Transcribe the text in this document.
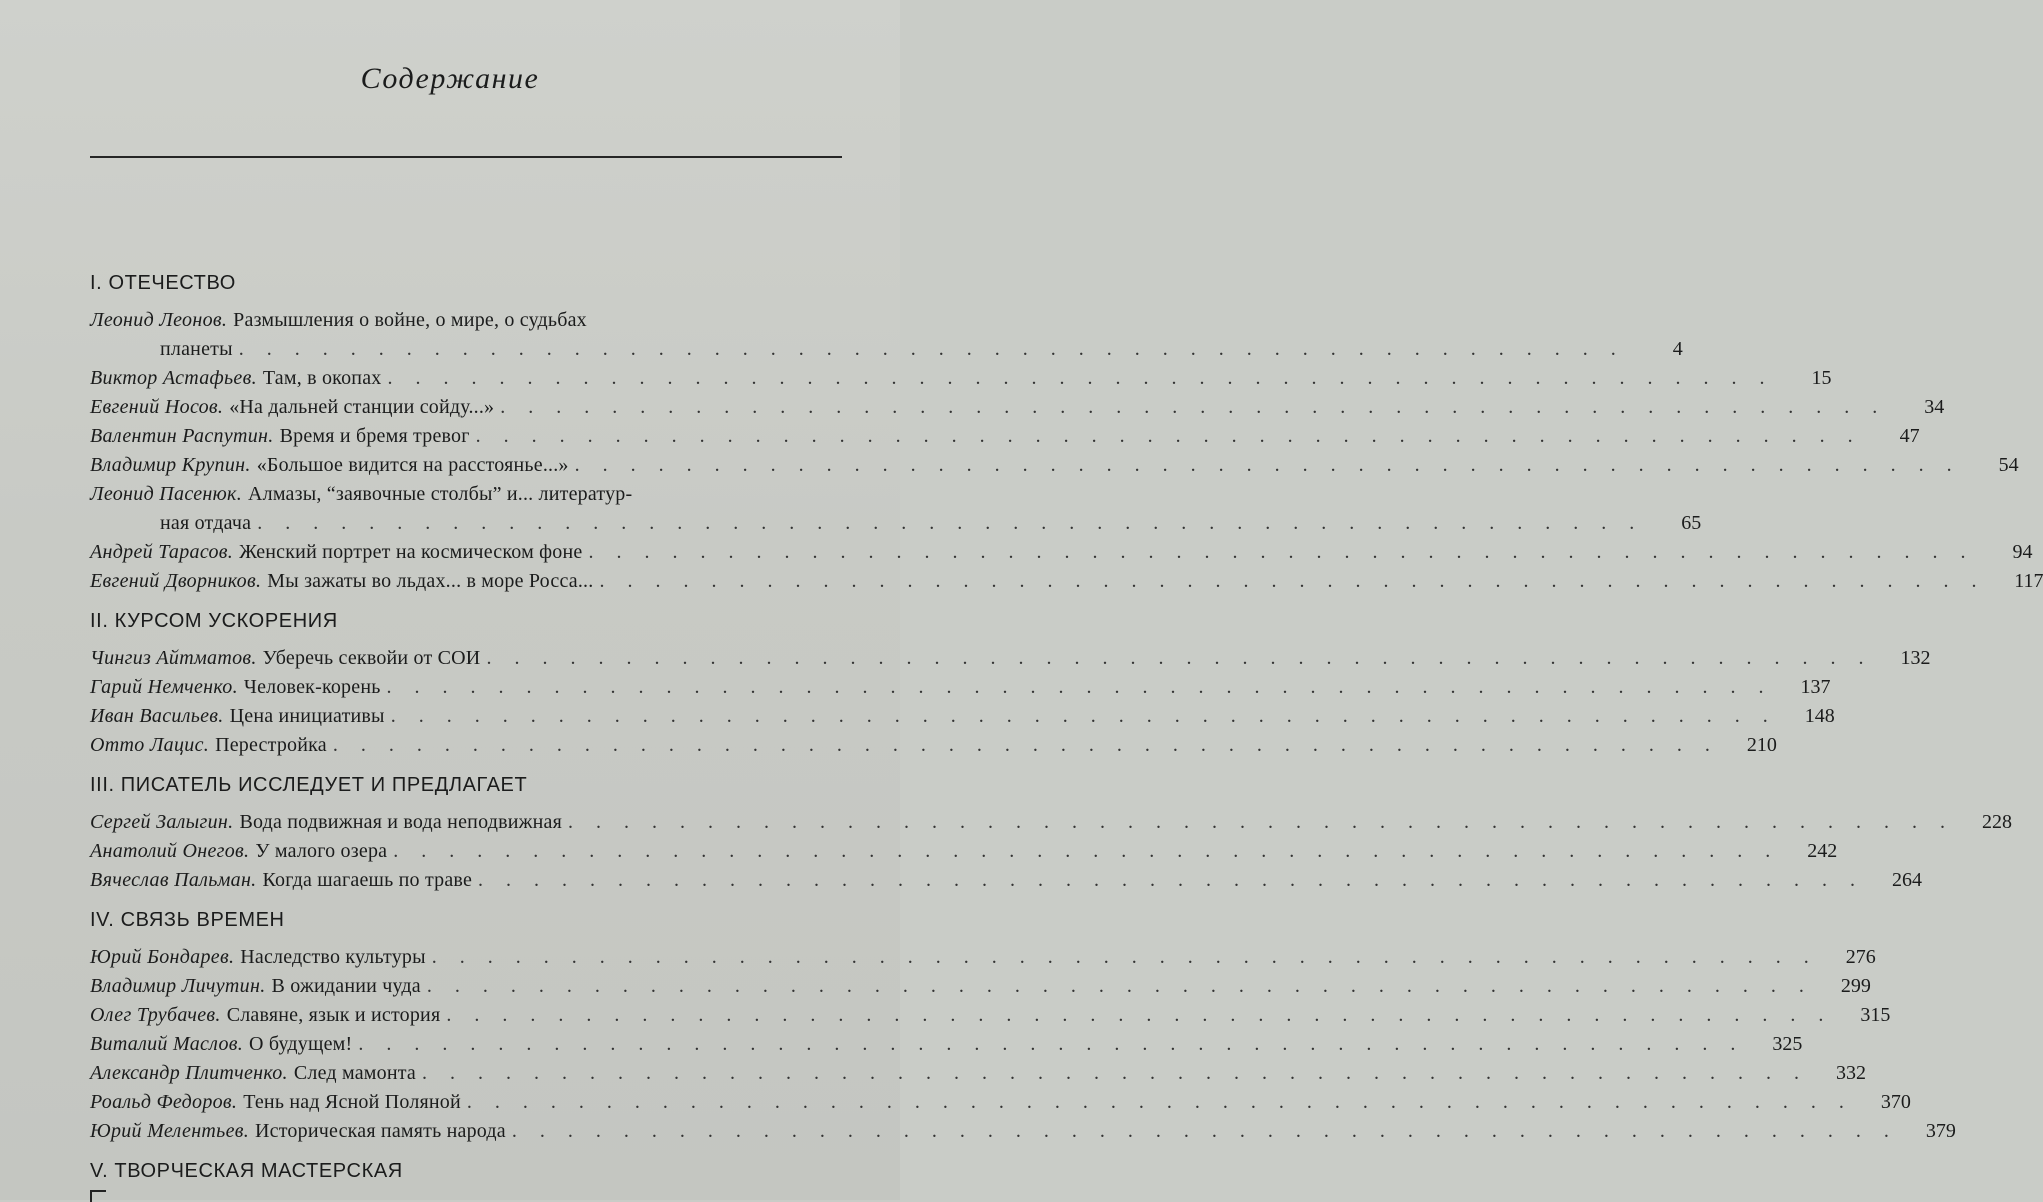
Содержание
I. ОТЕЧЕСТВО
Леонид Леонов. Размышления о войне, о мире, о судьбах
планеты . . . . . . . . . . . . . . . . . . . . . . . . . . . . . . . . . . . . . . . . . . . . . . . . . .	4
Виктор Астафьев. Там, в окопах . . . . . . . . . . . . . . . . . . . . . . . . . . . . . . . . . . . . . . . . . . . . . . . . . .	15
Евгений Носов. «На дальней станции сойду...» . . . . . . . . . . . . . . . . . . . . . . . . . . . . . . . . . . . . . . . . . . . . . . . . . .	34
Валентин Распутин. Время и бремя тревог . . . . . . . . . . . . . . . . . . . . . . . . . . . . . . . . . . . . . . . . . . . . . . . . . .	47
Владимир Крупин. «Большое видится на расстоянье...» . . . . . . . . . . . . . . . . . . . . . . . . . . . . . . . . . . . . . . . . . . . . . . . . . .	54
Леонид Пасенюк. Алмазы, “заявочные столбы” и... литератур-
ная отдача . . . . . . . . . . . . . . . . . . . . . . . . . . . . . . . . . . . . . . . . . . . . . . . . . .	65
Андрей Тарасов. Женский портрет на космическом фоне . . . . . . . . . . . . . . . . . . . . . . . . . . . . . . . . . . . . . . . . . . . . . . . . . .	94
Евгений Дворников. Мы зажаты во льдах... в море Росса... . . . . . . . . . . . . . . . . . . . . . . . . . . . . . . . . . . . . . . . . . . . . . . . . . .	117
II. КУРСОМ УСКОРЕНИЯ
Чингиз Айтматов. Уберечь секвойи от СОИ . . . . . . . . . . . . . . . . . . . . . . . . . . . . . . . . . . . . . . . . . . . . . . . . . .	132
Гарий Немченко. Человек-корень . . . . . . . . . . . . . . . . . . . . . . . . . . . . . . . . . . . . . . . . . . . . . . . . . .	137
Иван Васильев. Цена инициативы . . . . . . . . . . . . . . . . . . . . . . . . . . . . . . . . . . . . . . . . . . . . . . . . . .	148
Отто Лацис. Перестройка . . . . . . . . . . . . . . . . . . . . . . . . . . . . . . . . . . . . . . . . . . . . . . . . . .	210
III. ПИСАТЕЛЬ ИССЛЕДУЕТ И ПРЕДЛАГАЕТ
Сергей Залыгин. Вода подвижная и вода неподвижная . . . . . . . . . . . . . . . . . . . . . . . . . . . . . . . . . . . . . . . . . . . . . . . . . .	228
Анатолий Онегов. У малого озера . . . . . . . . . . . . . . . . . . . . . . . . . . . . . . . . . . . . . . . . . . . . . . . . . .	242
Вячеслав Пальман. Когда шагаешь по траве . . . . . . . . . . . . . . . . . . . . . . . . . . . . . . . . . . . . . . . . . . . . . . . . . .	264
IV. СВЯЗЬ ВРЕМЕН
Юрий Бондарев. Наследство культуры . . . . . . . . . . . . . . . . . . . . . . . . . . . . . . . . . . . . . . . . . . . . . . . . . .	276
Владимир Личутин. В ожидании чуда . . . . . . . . . . . . . . . . . . . . . . . . . . . . . . . . . . . . . . . . . . . . . . . . . .	299
Олег Трубачев. Славяне, язык и история . . . . . . . . . . . . . . . . . . . . . . . . . . . . . . . . . . . . . . . . . . . . . . . . . .	315
Виталий Маслов. О будущем! . . . . . . . . . . . . . . . . . . . . . . . . . . . . . . . . . . . . . . . . . . . . . . . . . .	325
Александр Плитченко. След мамонта . . . . . . . . . . . . . . . . . . . . . . . . . . . . . . . . . . . . . . . . . . . . . . . . . .	332
Роальд Федоров. Тень над Ясной Поляной . . . . . . . . . . . . . . . . . . . . . . . . . . . . . . . . . . . . . . . . . . . . . . . . . .	370
Юрий Мелентьев. Историческая память народа . . . . . . . . . . . . . . . . . . . . . . . . . . . . . . . . . . . . . . . . . . . . . . . . . .	379
V. ТВОРЧЕСКАЯ МАСТЕРСКАЯ
